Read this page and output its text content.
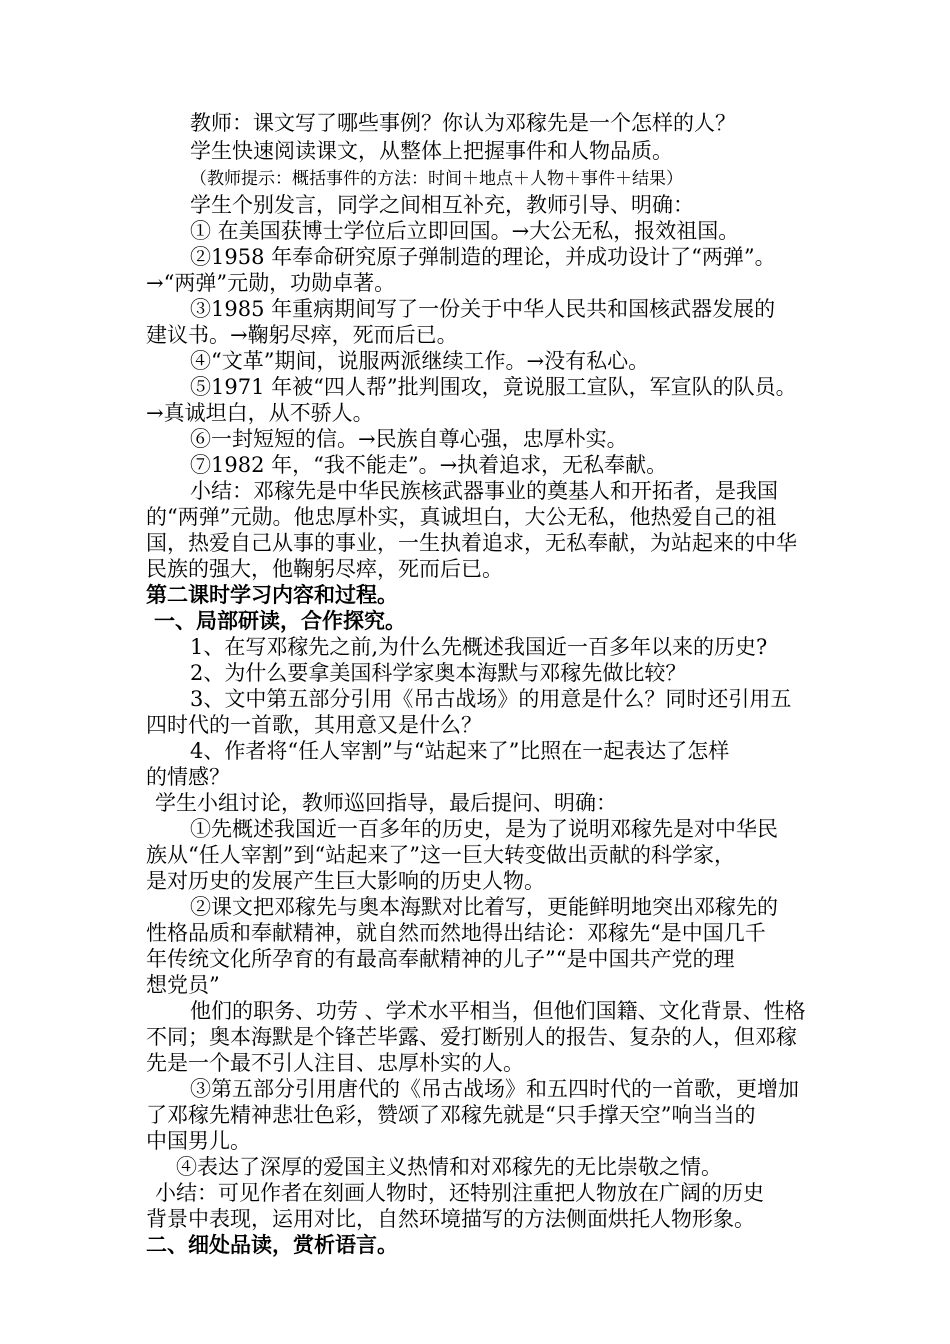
教师：课文写了哪些事例？你认为邓稼先是一个怎样的人？
学生快速阅读课文，从整体上把握事件和人物品质。
（教师提示：概括事件的方法：时间＋地点＋人物＋事件＋结果）
学生个别发言，同学之间相互补充，教师引导、明确：
① 在美国获博士学位后立即回国。→大公无私，报效祖国。
②1958 年奉命研究原子弹制造的理论，并成功设计了“两弹”。
→“两弹”元勋，功勋卓著。
③1985 年重病期间写了一份关于中华人民共和国核武器发展的
建议书。→鞠躬尽瘁，死而后已。
④“文革”期间，说服两派继续工作。→没有私心。
⑤1971 年被“四人帮”批判围攻，竟说服工宣队，军宣队的队员。
→真诚坦白，从不骄人。
⑥一封短短的信。→民族自尊心强，忠厚朴实。
⑦1982 年，“我不能走”。→执着追求，无私奉献。
小结：邓稼先是中华民族核武器事业的奠基人和开拓者，是我国
的“两弹”元勋。他忠厚朴实，真诚坦白，大公无私，他热爱自己的祖
国，热爱自己从事的事业，一生执着追求，无私奉献，为站起来的中华
民族的强大，他鞠躬尽瘁，死而后已。
第二课时学习内容和过程。
一、局部研读，合作探究。
1、在写邓稼先之前,为什么先概述我国近一百多年以来的历史?
2、为什么要拿美国科学家奥本海默与邓稼先做比较？
3、文中第五部分引用《吊古战场》的用意是什么？同时还引用五
四时代的一首歌，其用意又是什么？
4、作者将“任人宰割”与“站起来了”比照在一起表达了怎样
的情感？
学生小组讨论，教师巡回指导，最后提问、明确：
①先概述我国近一百多年的历史，是为了说明邓稼先是对中华民
族从“任人宰割”到“站起来了”这一巨大转变做出贡献的科学家，
是对历史的发展产生巨大影响的历史人物。
②课文把邓稼先与奥本海默对比着写，更能鲜明地突出邓稼先的
性格品质和奉献精神，就自然而然地得出结论：邓稼先“是中国几千
年传统文化所孕育的有最高奉献精神的儿子”“是中国共产党的理
想党员”
他们的职务、功劳 、学术水平相当，但他们国籍、文化背景、性格
不同；奥本海默是个锋芒毕露、爱打断别人的报告、复杂的人，但邓稼
先是一个最不引人注目、忠厚朴实的人。
③第五部分引用唐代的《吊古战场》和五四时代的一首歌，更增加
了邓稼先精神悲壮色彩，赞颂了邓稼先就是“只手撑天空”响当当的
中国男儿。
④表达了深厚的爱国主义热情和对邓稼先的无比崇敬之情。
小结：可见作者在刻画人物时，还特别注重把人物放在广阔的历史
背景中表现，运用对比，自然环境描写的方法侧面烘托人物形象。
二、细处品读，赏析语言。
